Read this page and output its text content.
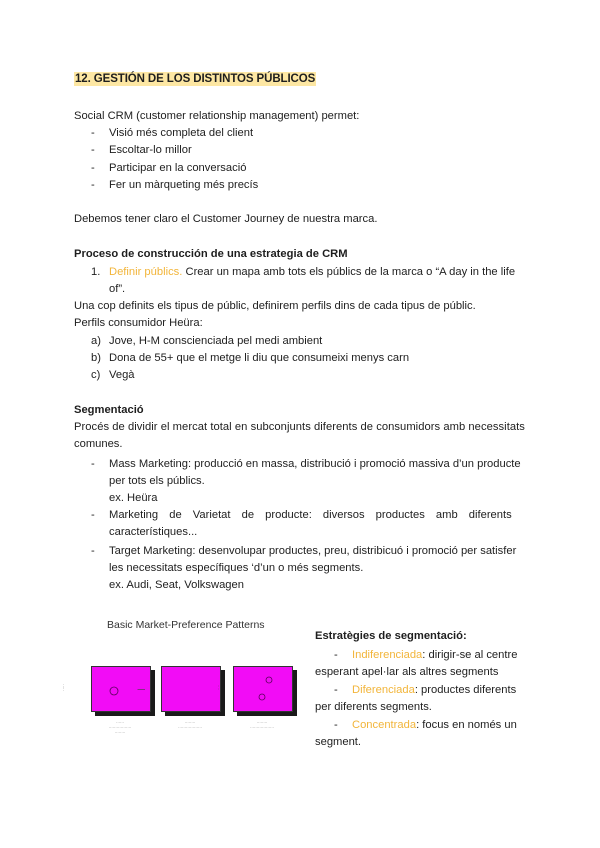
12. GESTIÓN DE LOS DISTINTOS PÚBLICOS
Social CRM (customer relationship management) permet:
- Visió més completa del client
- Escoltar-lo millor
- Participar en la conversació
- Fer un màrqueting més precís
Debemos tener claro el Customer Journey de nuestra marca.
Proceso de construcción de una estrategia de CRM
1. Definir públics. Crear un mapa amb tots els públics de la marca o “A day in the life
of”.
Una cop definits els tipus de públic, definirem perfils dins de cada tipus de públic.
Perfils consumidor Heüra:
a) Jove, H-M conscienciada pel medi ambient
b) Dona de 55+ que el metge li diu que consumeixi menys carn
c) Vegà
Segmentació
Procés de dividir el mercat total en subconjunts diferents de consumidors amb necessitats
comunes.
- Mass Marketing: producció en massa, distribució i promoció massiva d’un producte
per tots els públics.
ex. Heüra
- Marketing de Varietat de producte: diversos productes amb diferents
característiques...
- Target Marketing: desenvolupar productes, preu, distribicuó i promoció per satisfer
les necessitats específiques ‘d’un o més segments.
ex. Audi, Seat, Volkswagen
Basic Market-Preference Patterns
·····
······
·················
········
|
········
··················
····
········
··················
Estratègies de segmentació:
- Indiferenciada: dirigir-se al centre
esperant apel·lar als altres segments
- Diferenciada: productes diferents
per diferents segments.
- Concentrada: focus en només un
segment.
